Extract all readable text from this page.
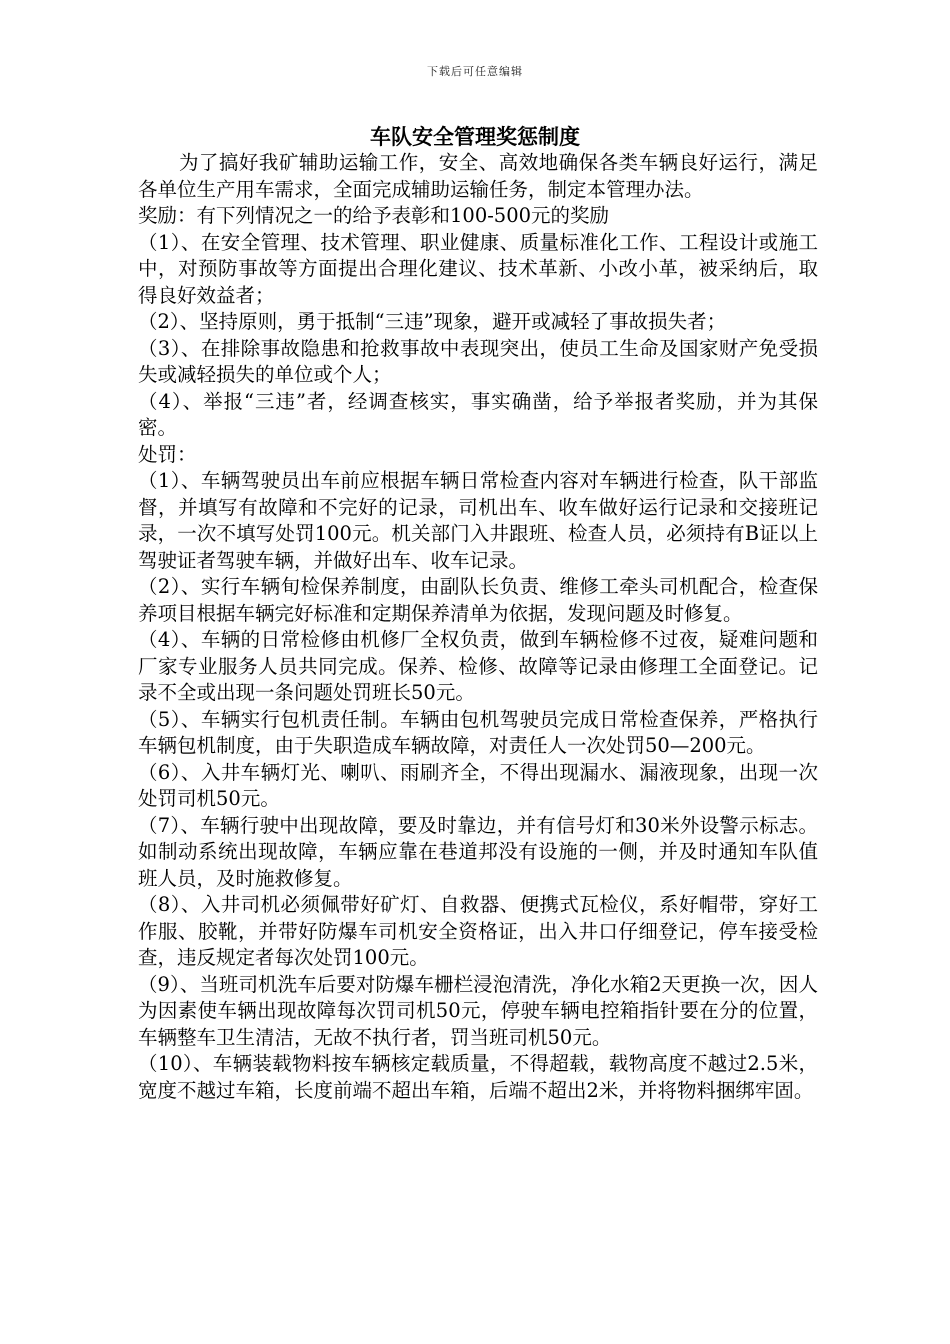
下载后可任意编辑
车队安全管理奖惩制度

为了搞好我矿辅助运输工作，安全、高效地确保各类车辆良好运行，满足各单位生产用车需求，全面完成辅助运输任务，制定本管理办法。

奖励：有下列情况之一的给予表彰和100-500元的奖励

（1）、在安全管理、技术管理、职业健康、质量标准化工作、工程设计或施工中，对预防事故等方面提出合理化建议、技术革新、小改小革，被采纳后，取得良好效益者；

（2）、坚持原则，勇于抵制“三违”现象，避开或减轻了事故损失者；

（3）、在排除事故隐患和抢救事故中表现突出，使员工生命及国家财产免受损失或减轻损失的单位或个人；

（4）、举报“三违”者，经调查核实，事实确凿，给予举报者奖励，并为其保密。

处罚：

（1）、车辆驾驶员出车前应根据车辆日常检查内容对车辆进行检查，队干部监督，并填写有故障和不完好的记录，司机出车、收车做好运行记录和交接班记录，一次不填写处罚100元。机关部门入井跟班、检查人员，必须持有B证以上驾驶证者驾驶车辆，并做好出车、收车记录。

（2）、实行车辆旬检保养制度，由副队长负责、维修工牵头司机配合，检查保养项目根据车辆完好标准和定期保养清单为依据，发现问题及时修复。

（4）、车辆的日常检修由机修厂全权负责，做到车辆检修不过夜，疑难问题和厂家专业服务人员共同完成。保养、检修、故障等记录由修理工全面登记。记录不全或出现一条问题处罚班长50元。

（5）、车辆实行包机责任制。车辆由包机驾驶员完成日常检查保养，严格执行车辆包机制度，由于失职造成车辆故障，对责任人一次处罚50—200元。

（6）、入井车辆灯光、喇叭、雨刷齐全，不得出现漏水、漏液现象，出现一次处罚司机50元。

（7）、车辆行驶中出现故障，要及时靠边，并有信号灯和30米外设警示标志。如制动系统出现故障，车辆应靠在巷道邦没有设施的一侧，并及时通知车队值班人员，及时施救修复。

（8）、入井司机必须佩带好矿灯、自救器、便携式瓦检仪，系好帽带，穿好工作服、胶靴，并带好防爆车司机安全资格证，出入井口仔细登记，停车接受检查，违反规定者每次处罚100元。

（9）、当班司机洗车后要对防爆车栅栏浸泡清洗，净化水箱2天更换一次，因人为因素使车辆出现故障每次罚司机50元，停驶车辆电控箱指针要在分的位置，车辆整车卫生清洁，无故不执行者，罚当班司机50元。

（10）、车辆装载物料按车辆核定载质量，不得超载，载物高度不越过2.5米，宽度不越过车箱，长度前端不超出车箱，后端不超出2米，并将物料捆绑牢固。
